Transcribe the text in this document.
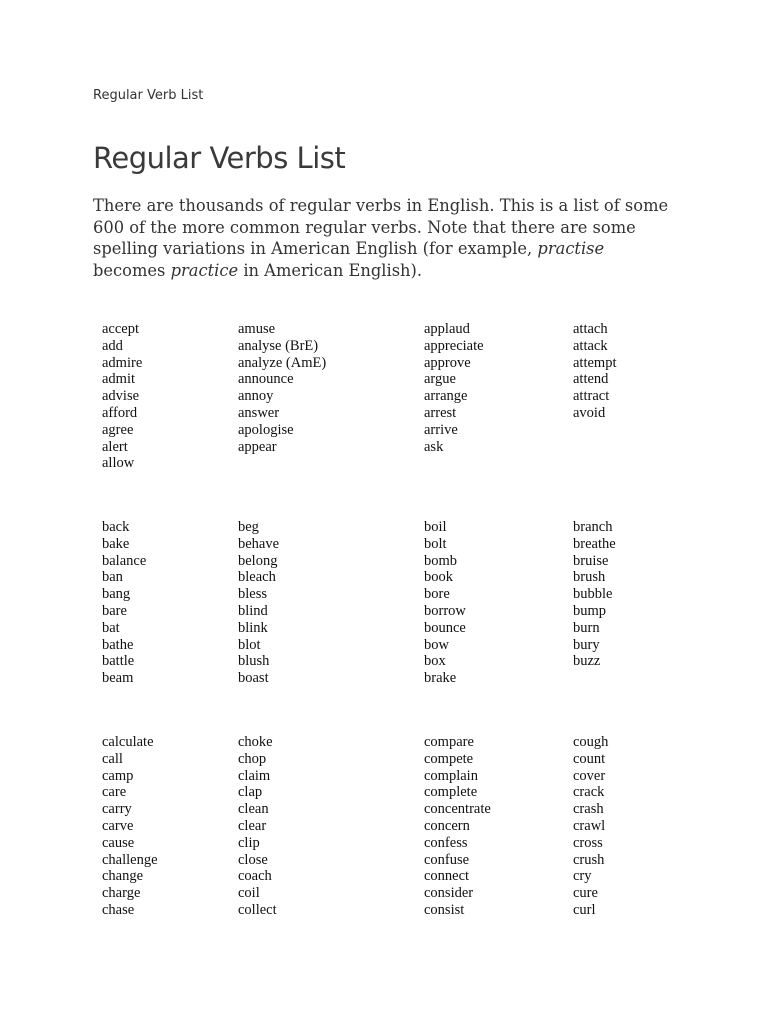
Regular Verb List
Regular Verbs List

There are thousands of regular verbs in English. This is a list of some 600 of the more common regular verbs. Note that there are some spelling variations in American English (for example, practise becomes practice in American English).

accept
add
admire
admit
advise
afford
agree
alert
allow
amuse
analyse (BrE)
analyze (AmE)
announce
annoy
answer
apologise
appear
applaud
appreciate
approve
argue
arrange
arrest
arrive
ask
attach
attack
attempt
attend
attract
avoid
back
bake
balance
ban
bang
bare
bat
bathe
battle
beam
beg
behave
belong
bleach
bless
blind
blink
blot
blush
boast
boil
bolt
bomb
book
bore
borrow
bounce
bow
box
brake
branch
breathe
bruise
brush
bubble
bump
burn
bury
buzz
calculate
call
camp
care
carry
carve
cause
challenge
change
charge
chase
choke
chop
claim
clap
clean
clear
clip
close
coach
coil
collect
compare
compete
complain
complete
concentrate
concern
confess
confuse
connect
consider
consist
cough
count
cover
crack
crash
crawl
cross
crush
cry
cure
curl
